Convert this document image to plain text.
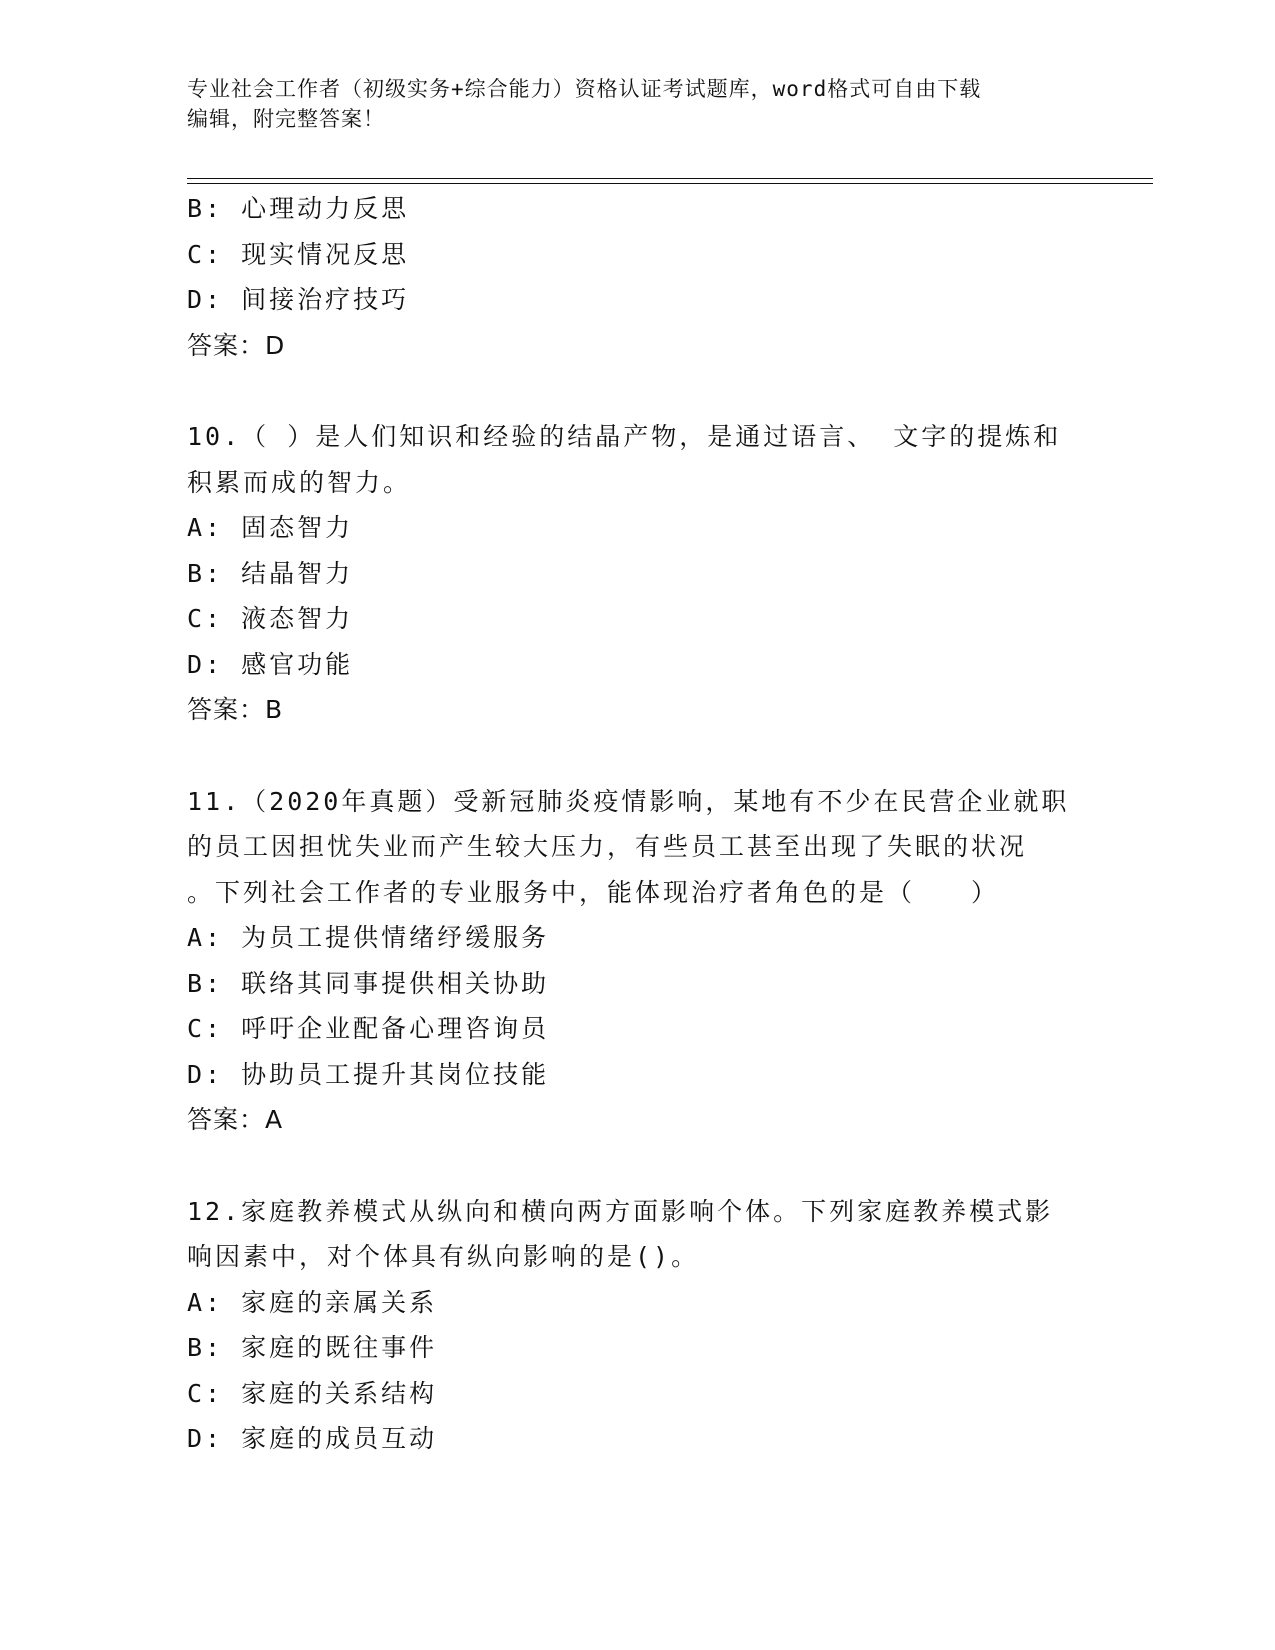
专业社会工作者（初级实务+综合能力）资格认证考试题库，word格式可自由下载
编辑，附完整答案！
B: 心理动力反思
C: 现实情况反思
D: 间接治疗技巧
答案：D
10.（ ）是人们知识和经验的结晶产物，是通过语言、 文字的提炼和
积累而成的智力。
A: 固态智力
B: 结晶智力
C: 液态智力
D: 感官功能
答案：B
11.（2020年真题）受新冠肺炎疫情影响，某地有不少在民营企业就职
的员工因担忧失业而产生较大压力，有些员工甚至出现了失眠的状况
。下列社会工作者的专业服务中，能体现治疗者角色的是（　　）
A: 为员工提供情绪纾缓服务
B: 联络其同事提供相关协助
C: 呼吁企业配备心理咨询员
D: 协助员工提升其岗位技能
答案：A
12.家庭教养模式从纵向和横向两方面影响个体。下列家庭教养模式影
响因素中，对个体具有纵向影响的是()。
A: 家庭的亲属关系
B: 家庭的既往事件
C: 家庭的关系结构
D: 家庭的成员互动
